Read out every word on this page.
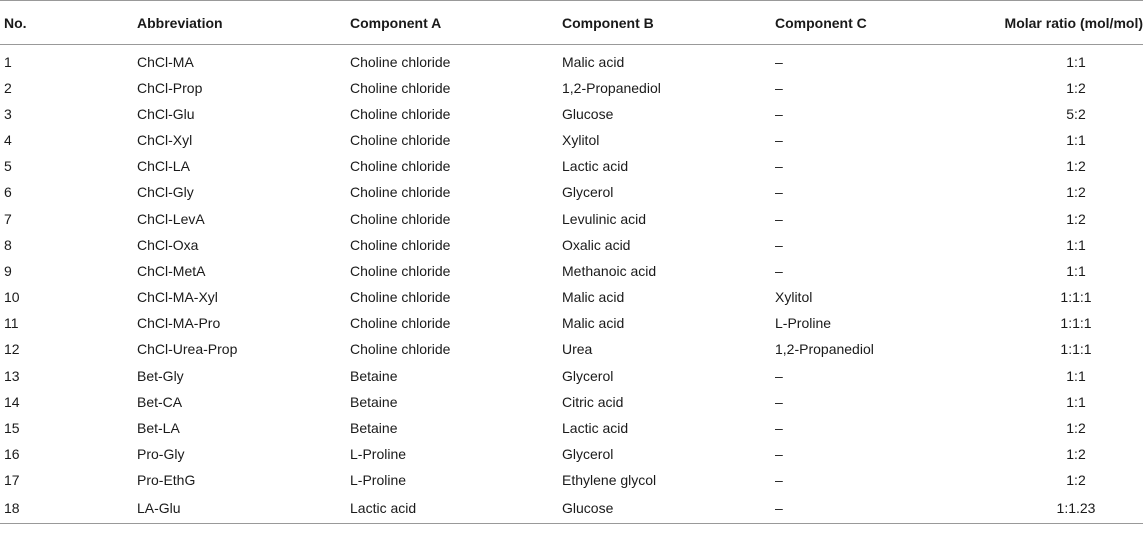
No.	Abbreviation	Component A	Component B	Component C	Molar ratio (mol/mol)
1	ChCl-MA	Choline chloride	Malic acid	–	1:1
2	ChCl-Prop	Choline chloride	1,2-Propanediol	–	1:2
3	ChCl-Glu	Choline chloride	Glucose	–	5:2
4	ChCl-Xyl	Choline chloride	Xylitol	–	1:1
5	ChCl-LA	Choline chloride	Lactic acid	–	1:2
6	ChCl-Gly	Choline chloride	Glycerol	–	1:2
7	ChCl-LevA	Choline chloride	Levulinic acid	–	1:2
8	ChCl-Oxa	Choline chloride	Oxalic acid	–	1:1
9	ChCl-MetA	Choline chloride	Methanoic acid	–	1:1
10	ChCl-MA-Xyl	Choline chloride	Malic acid	Xylitol	1:1:1
11	ChCl-MA-Pro	Choline chloride	Malic acid	L-Proline	1:1:1
12	ChCl-Urea-Prop	Choline chloride	Urea	1,2-Propanediol	1:1:1
13	Bet-Gly	Betaine	Glycerol	–	1:1
14	Bet-CA	Betaine	Citric acid	–	1:1
15	Bet-LA	Betaine	Lactic acid	–	1:2
16	Pro-Gly	L-Proline	Glycerol	–	1:2
17	Pro-EthG	L-Proline	Ethylene glycol	–	1:2
18	LA-Glu	Lactic acid	Glucose	–	1:1.23
